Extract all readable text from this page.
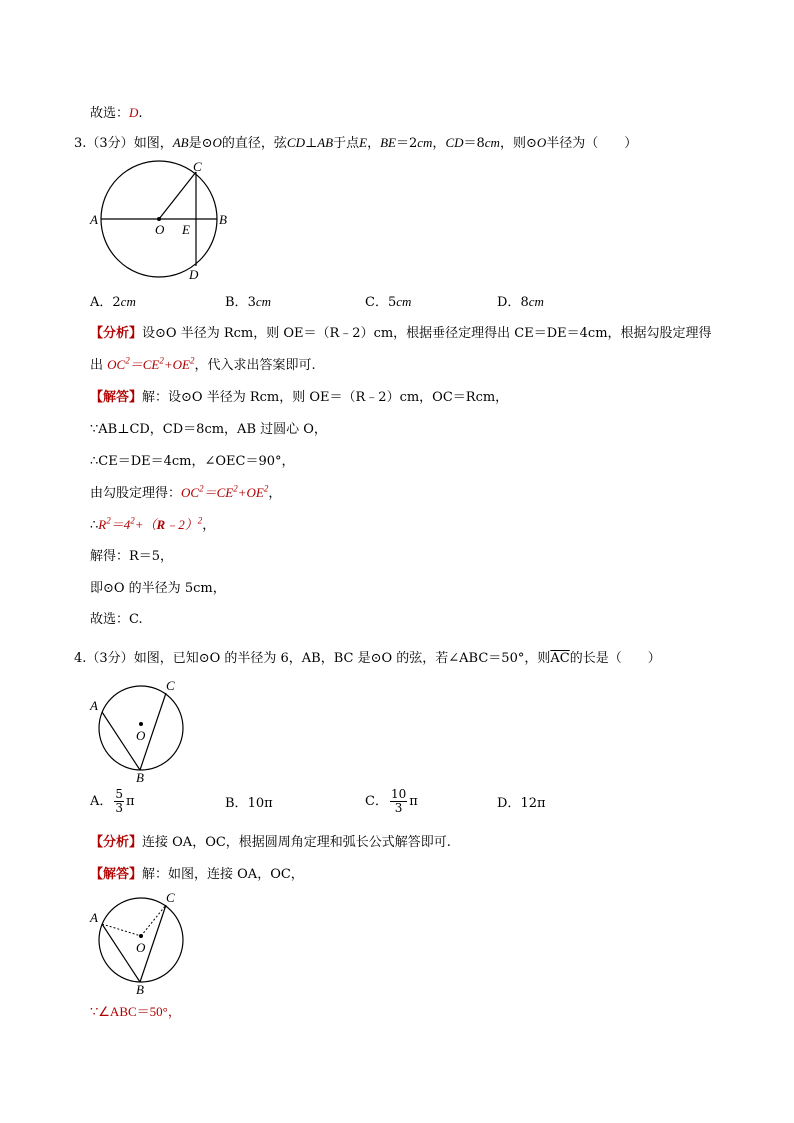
故选：D.
3.（3分）如图，AB是⊙O的直径，弦CD⊥AB于点E，BE＝2cm，CD＝8cm，则⊙O半径为（　　）
A	B
C
D
O E
A．2cm	B．3cm	C．5cm	D．8cm
【分析】设⊙O 半径为 Rcm，则 OE＝（R﹣2）cm，根据垂径定理得出 CE＝DE＝4cm，根据勾股定理得
出 $OC^2=CE^2+OE^2$，代入求出答案即可.
【解答】解：设⊙O 半径为 Rcm，则 OE＝（R﹣2）cm，OC＝Rcm，
∵AB⊥CD，CD＝8cm，AB 过圆心 O，
∴CE＝DE＝4cm，∠OEC＝90°，
由勾股定理得：$OC^2=CE^2+OE^2$，
$\therefore R^2=4^2+(R﹣2)^2$，
解得：R＝5，
即⊙O 的半径为 5cm，
故选：C.
4.（3分）如图，已知⊙O 的半径为 6，AB，BC 是⊙O 的弦，若∠ABC＝50°，则$\overline{AC}$的长是（　　）
A
B
C
O
A． $\frac{5}{3}$ π	B．10π	C． $\frac{10}{3}$ π	D．12π
【分析】连接 OA，OC，根据圆周角定理和弧长公式解答即可.
【解答】解：如图，连接 OA，OC，
A
B
C
O
∵∠ABC＝50°，
